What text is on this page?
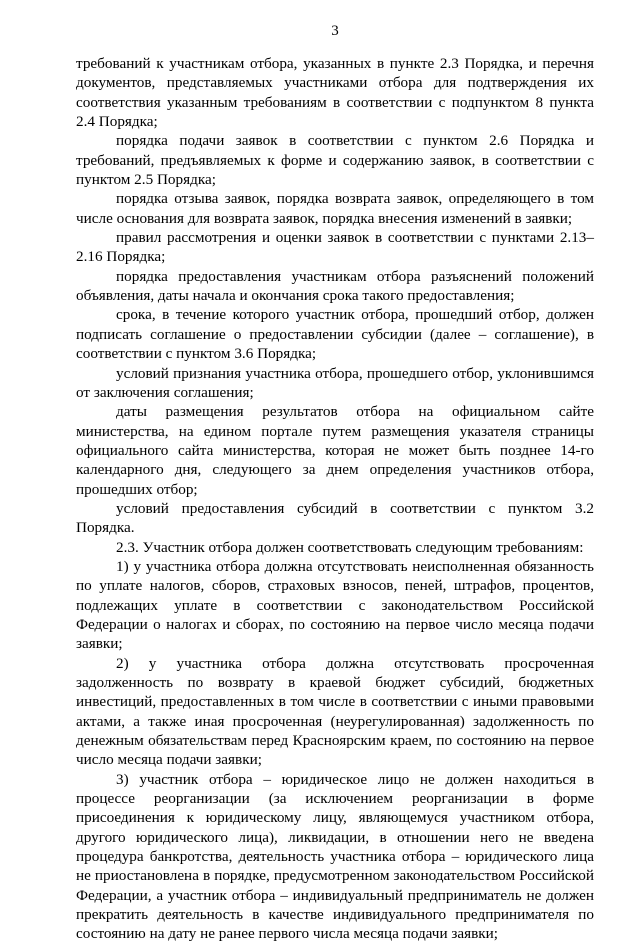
3

требований к участникам отбора, указанных в пункте 2.3 Порядка, и перечня документов, представляемых участниками отбора для подтверждения их соответствия указанным требованиям в соответствии с подпунктом 8 пункта 2.4 Порядка;

порядка подачи заявок в соответствии с пунктом 2.6 Порядка и требований, предъявляемых к форме и содержанию заявок, в соответствии с пунктом 2.5 Порядка;

порядка отзыва заявок, порядка возврата заявок, определяющего в том числе основания для возврата заявок, порядка внесения изменений в заявки;

правил рассмотрения и оценки заявок в соответствии с пунктами 2.13–2.16 Порядка;

порядка предоставления участникам отбора разъяснений положений объявления, даты начала и окончания срока такого предоставления;

срока, в течение которого участник отбора, прошедший отбор, должен подписать соглашение о предоставлении субсидии (далее – соглашение), в соответствии с пунктом 3.6 Порядка;

условий признания участника отбора, прошедшего отбор, уклонившимся от заключения соглашения;

даты размещения результатов отбора на официальном сайте министерства, на едином портале путем размещения указателя страницы официального сайта министерства, которая не может быть позднее 14-го календарного дня, следующего за днем определения участников отбора, прошедших отбор;

условий предоставления субсидий в соответствии с пунктом 3.2 Порядка.

2.3. Участник отбора должен соответствовать следующим требованиям:

1) у участника отбора должна отсутствовать неисполненная обязанность по уплате налогов, сборов, страховых взносов, пеней, штрафов, процентов, подлежащих уплате в соответствии с законодательством Российской Федерации о налогах и сборах, по состоянию на первое число месяца подачи заявки;

2) у участника отбора должна отсутствовать просроченная задолженность по возврату в краевой бюджет субсидий, бюджетных инвестиций, предоставленных в том числе в соответствии с иными правовыми актами, а также иная просроченная (неурегулированная) задолженность по денежным обязательствам перед Красноярским краем, по состоянию на первое число месяца подачи заявки;

3) участник отбора – юридическое лицо не должен находиться в процессе реорганизации (за исключением реорганизации в форме присоединения к юридическому лицу, являющемуся участником отбора, другого юридического лица), ликвидации, в отношении него не введена процедура банкротства, деятельность участника отбора – юридического лица не приостановлена в порядке, предусмотренном законодательством Российской Федерации, а участник отбора – индивидуальный предприниматель не должен прекратить деятельность в качестве индивидуального предпринимателя по состоянию на дату не ранее первого числа месяца подачи заявки;
